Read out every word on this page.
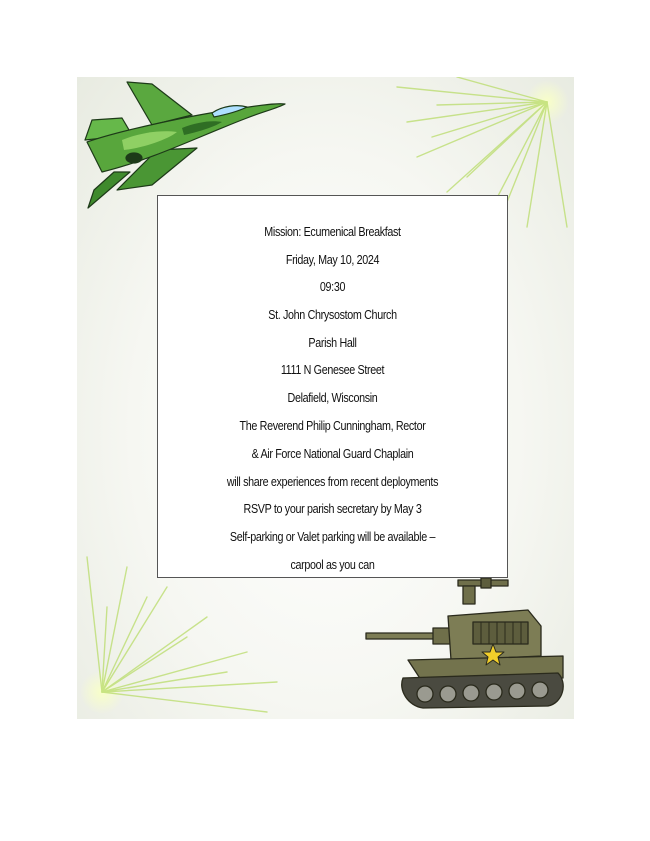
Mission: Ecumenical Breakfast
Friday, May 10, 2024
09:30
St. John Chrysostom Church
Parish Hall
1111 N Genesee Street
Delafield, Wisconsin
The Reverend Philip Cunningham, Rector
& Air Force National Guard Chaplain
will share experiences from recent deployments
RSVP to your parish secretary by May 3
Self-parking or Valet parking will be available –
carpool as you can
